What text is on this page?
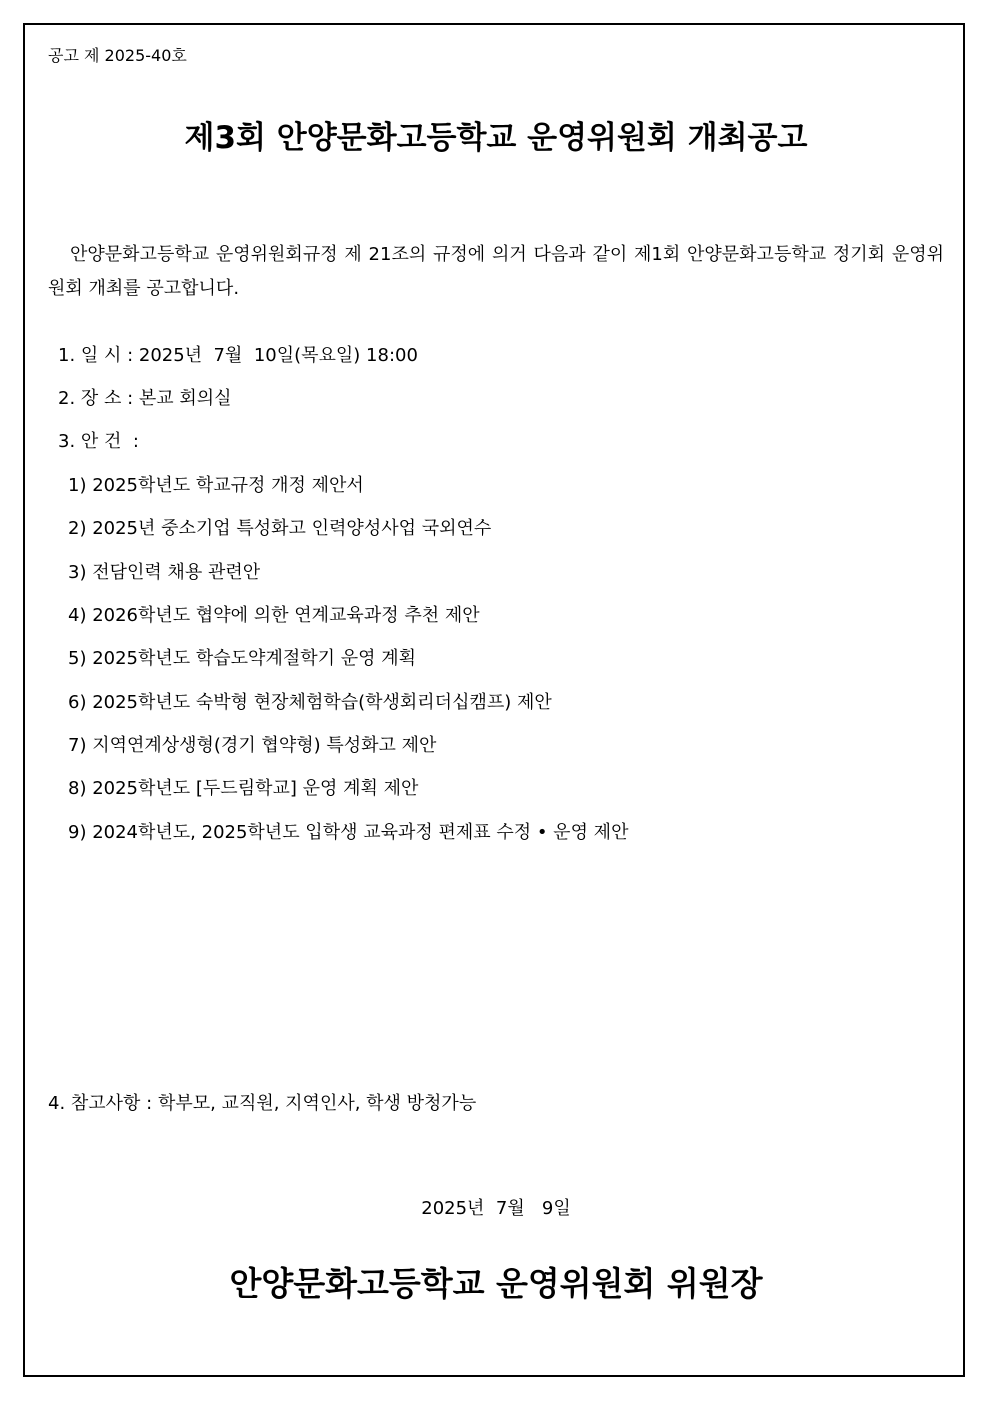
공고 제 2025-40호
제3회 안양문화고등학교 운영위원회 개최공고
안양문화고등학교 운영위원회규정 제 21조의 규정에 의거 다음과 같이 제1회 안양문화고등학교 정기회 운영위원회 개최를 공고합니다.
1. 일 시 : 2025년  7월  10일(목요일) 18:00
2. 장 소 : 본교 회의실
3. 안 건  :
1) 2025학년도 학교규정 개정 제안서
2) 2025년 중소기업 특성화고 인력양성사업 국외연수
3) 전담인력 채용 관련안
4) 2026학년도 협약에 의한 연계교육과정 추천 제안
5) 2025학년도 학습도약계절학기 운영 계획
6) 2025학년도 숙박형 현장체험학습(학생회리더십캠프) 제안
7) 지역연계상생형(경기 협약형) 특성화고 제안
8) 2025학년도 [두드림학교] 운영 계획 제안
9) 2024학년도, 2025학년도 입학생 교육과정 편제표 수정 • 운영 제안
4. 참고사항 : 학부모, 교직원, 지역인사, 학생 방청가능
2025년  7월   9일
안양문화고등학교 운영위원회 위원장
